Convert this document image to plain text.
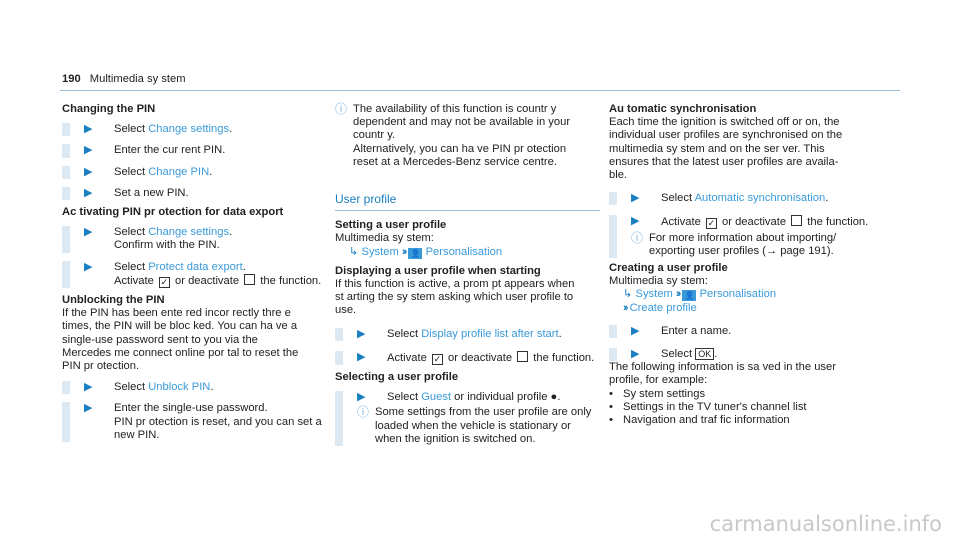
190 Multimedia sy stem

Changing the PIN

▶ Select Change settings.
▶ Enter the cur rent PIN.
▶ Select Change PIN.
▶ Set a new PIN.

Ac tivating PIN pr otection for data export

▶ Select Change settings.
Confirm with the PIN.
▶ Select Protect data export.
Activate ✓ or deactivate  the function.

Unblocking the PIN

If the PIN has been ente red incor rectly thre e
times, the PIN will be bloc ked. You can ha ve a
single-use password sent to you via the
Mercedes me connect online por tal to reset the
PIN pr otection.
▶ Select Unblock PIN.
▶ Enter the single-use password.
PIN pr otection is reset, and you can set a
new PIN.
ⓘ The availability of this function is countr y
dependent and may not be available in your
countr y.
Alternatively, you can ha ve PIN pr otection
reset at a Mercedes-Benz service centre.
User profile

Setting a user profile

Multimedia sy stem:
↳ System ›› 👤 Personalisation

Displaying a user profile when starting

If this function is active, a prom pt appears when
st arting the sy stem asking which user profile to
use.
▶ Select Display profile list after start.
▶ Activate ✓ or deactivate  the function.

Selecting a user profile

▶ Select Guest or individual profile ●.
ⓘ Some settings from the user profile are only
loaded when the vehicle is stationary or
when the ignition is switched on.

Au tomatic synchronisation

Each time the ignition is switched off or on, the
individual user profiles are synchronised on the
multimedia sy stem and on the ser ver. This
ensures that the latest user profiles are availa‐
ble.
▶ Select Automatic synchronisation.
▶ Activate ✓ or deactivate  the function.
ⓘ For more information about importing/
exporting user profiles (→ page 191).

Creating a user profile

Multimedia sy stem:
↳ System ›› 👤 Personalisation
›› Create profile
▶ Enter a name.
▶ Select OK .
The following information is sa ved in the user
profile, for example:
• Sy stem settings
• Settings in the TV tuner's channel list
• Navigation and traf fic information
carmanualsonline.info
